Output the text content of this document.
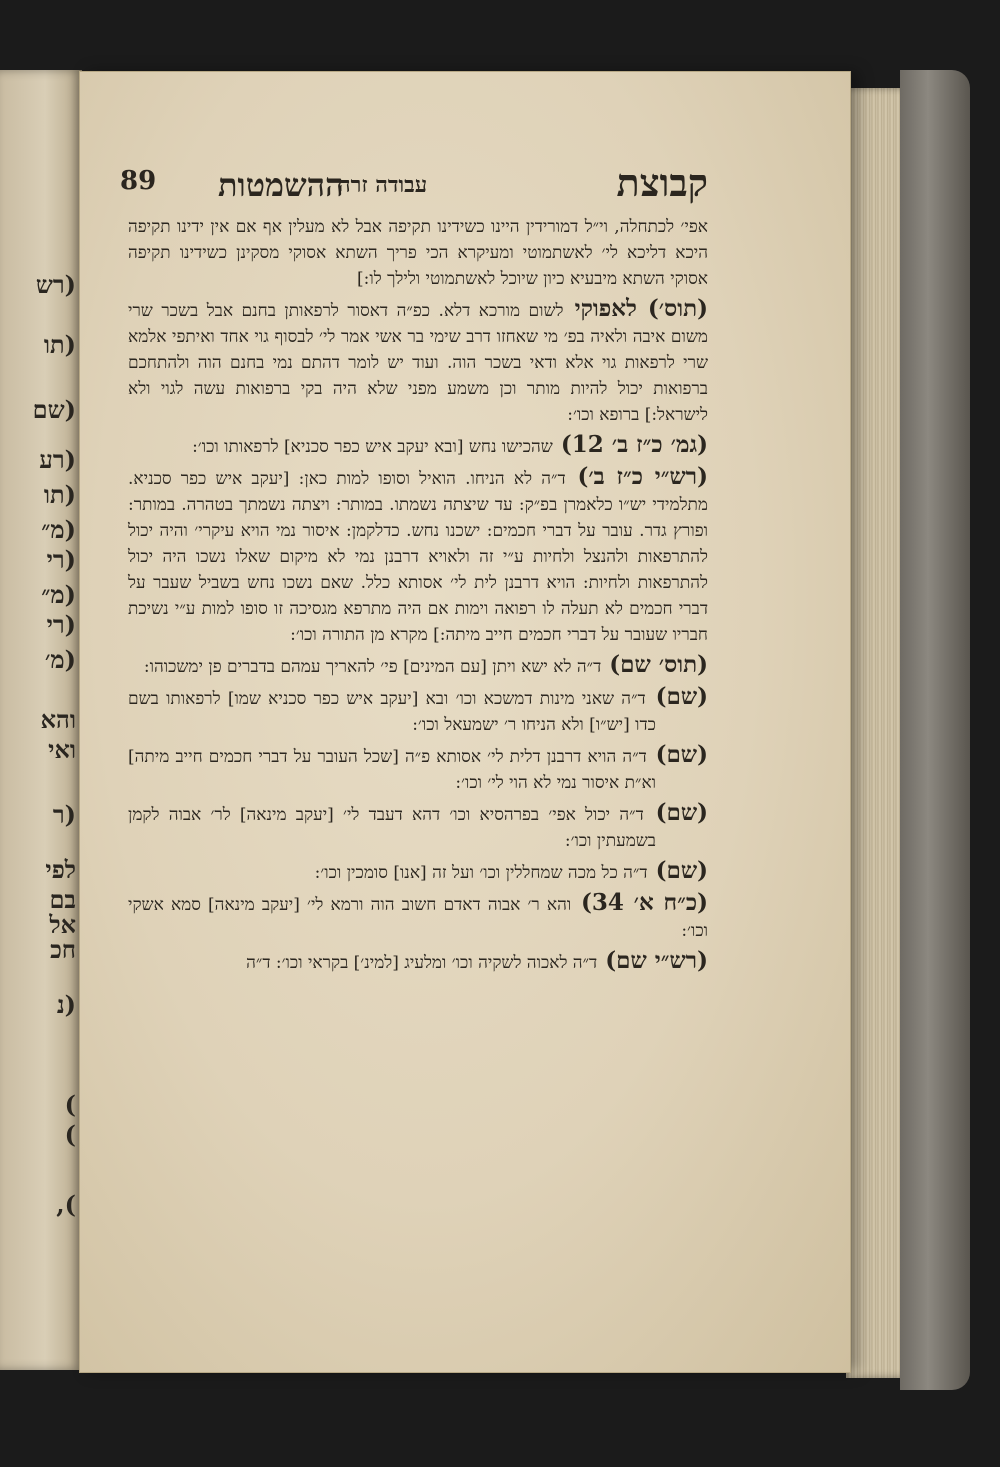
(רש
(תו
(שם
(רע
(תו
(מ״
(רי
(מ״
(רי
(מ׳
והא
ואי
(ר
לפי
בם
אל
חכ
(נ
)
)
),
89 ההשמטות
עבודה זרה	קבוצת

אפי׳ לכתחלה, וי״ל דמורידין היינו כשידינו תקיפה אבל לא מעלין אף אם אין ידינו תקיפה היכא דליכא לי׳ לאשתמוטי ומעיקרא הכי פריך השתא אסוקי מסקינן כשידינו תקיפה אסוקי השתא מיבעיא כיון שיוכל לאשתמוטי ולילך לו:]

(תוס׳) לאפוקי לשום מורכא דלא. כפ״ה דאסור לרפאותן בחנם אבל בשכר שרי משום איבה ולאיה בפ׳ מי שאחזו דרב שימי בר אשי אמר לי׳ לבסוף גוי אחד ואיתפי אלמא שרי לרפאות גוי אלא ודאי בשכר הוה. ועוד יש לומר דהתם נמי בחנם הוה ולהתחכם ברפואות יכול להיות מותר וכן משמע מפני שלא היה בקי ברפואות עשה לגוי ולא לישראל:] ברופא וכו׳:

(גמ׳ כ״ז ב׳ 12) שהכישו נחש [ובא יעקב איש כפר סכניא] לרפאותו וכו׳:

(רש״י כ״ז ב׳) ד״ה לא הניחו. הואיל וסופו למות כאן: [יעקב איש כפר סכניא. מתלמידי יש״ו כלאמרן בפ״ק: עד שיצתה נשמתו. במותר: ויצתה נשמתך בטהרה. במותר: ופורץ גדר. עובר על דברי חכמים: ישכנו נחש. כדלקמן: איסור נמי הויא עיקרי׳ והיה יכול להתרפאות ולהנצל ולחיות ע״י זה ולאויא דרבנן נמי לא מיקום שאלו נשכו היה יכול להתרפאות ולחיות: הויא דרבנן לית לי׳ אסותא כלל. שאם נשכו נחש בשביל שעבר על דברי חכמים לא תעלה לו רפואה וימות אם היה מתרפא מגסיכה זו סופו למות ע״י נשיכת חבריו שעובר על דברי חכמים חייב מיתה:] מקרא מן התורה וכו׳:

(תוס׳ שם) ד״ה לא ישא ויתן [עם המינים] פי׳ להאריך עמהם בדברים פן ימשכוהו:

(שם) ד״ה שאני מינות דמשכא וכו׳ ובא [יעקב איש כפר סכניא שמו] לרפאותו בשם כדו [יש״ו] ולא הניחו ר׳ ישמעאל וכו׳:

(שם) ד״ה הויא דרבנן דלית לי׳ אסותא פ״ה [שכל העובר על דברי חכמים חייב מיתה] וא״ת איסור נמי לא הוי לי׳ וכו׳:

(שם) ד״ה יכול אפי׳ בפרהסיא וכו׳ דהא דעבד לי׳ [יעקב מינאה] לר׳ אבוה לקמן בשמעתין וכו׳:

(שם) ד״ה כל מכה שמחללין וכו׳ ועל זה [אנו] סומכין וכו׳:

(כ״ח א׳ 34) והא ר׳ אבוה דאדם חשוב הוה ורמא לי׳ [יעקב מינאה] סמא אשקי וכו׳:

(רש״י שם) ד״ה לאכוה לשקיה וכו׳ ומלעיג [למינ׳] בקראי וכו׳: ד״ה
